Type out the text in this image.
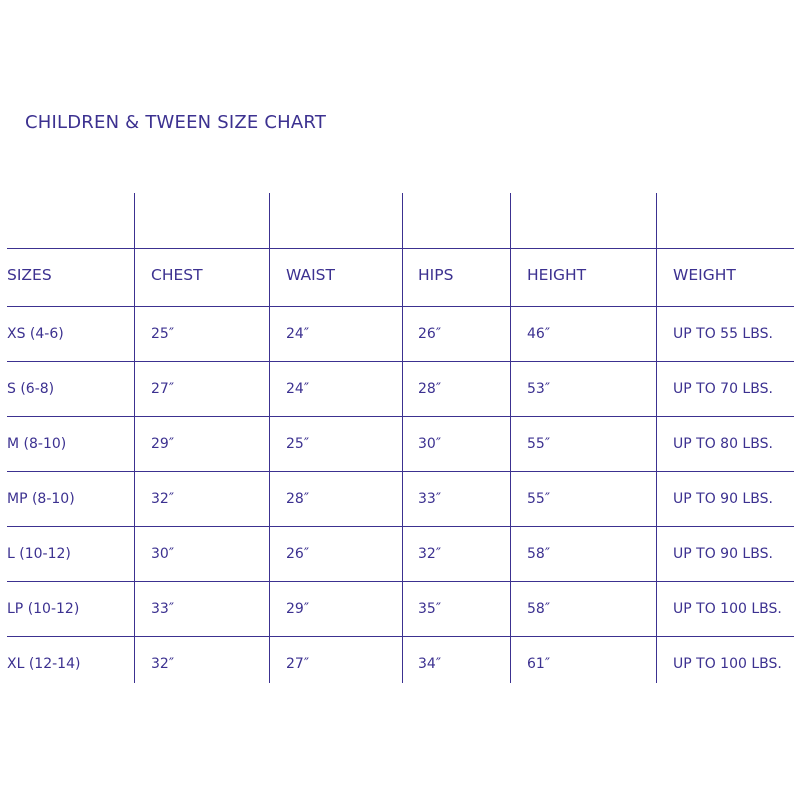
CHILDREN & TWEEN SIZE CHART
SIZES	CHEST	WAIST	HIPS	HEIGHT	WEIGHT
XS (4-6)	25″	24″	26″	46″	UP TO 55 LBS.
S (6-8)	27″	24″	28″	53″	UP TO 70 LBS.
M (8-10)	29″	25″	30″	55″	UP TO 80 LBS.
MP (8-10)	32″	28″	33″	55″	UP TO 90 LBS.
L (10-12)	30″	26″	32″	58″	UP TO 90 LBS.
LP (10-12)	33″	29″	35″	58″	UP TO 100 LBS.
XL (12-14)	32″	27″	34″	61″	UP TO 100 LBS.
